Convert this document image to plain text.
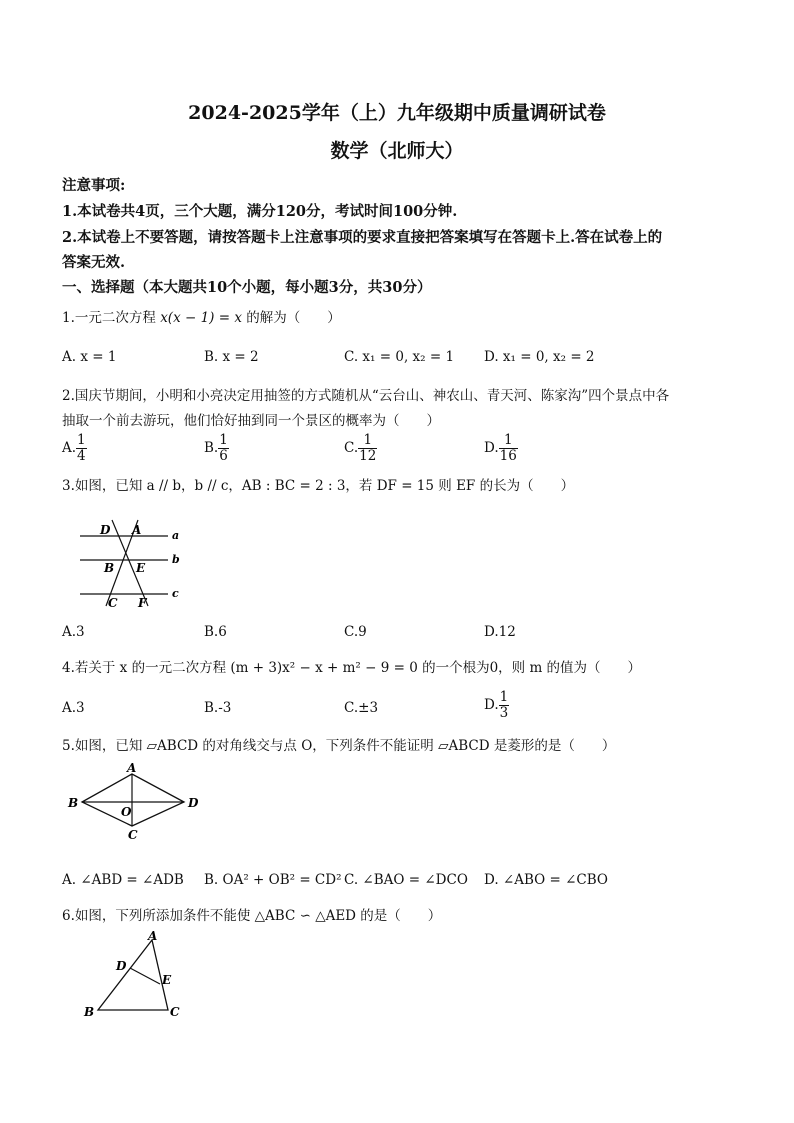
2024-2025学年（上）九年级期中质量调研试卷
数学（北师大）
注意事项:
1.本试卷共4页，三个大题，满分120分，考试时间100分钟.
2.本试卷上不要答题，请按答题卡上注意事项的要求直接把答案填写在答题卡上.答在试卷上的
答案无效.
一、选择题（本大题共10个小题，每小题3分，共30分）
1.一元二次方程 x(x − 1) = x 的解为（　　）
A. x = 1	B. x = 2	C. x₁ = 0, x₂ = 1 D. x₁ = 0, x₂ = 2
2.国庆节期间，小明和小亮决定用抽签的方式随机从“云台山、神农山、青天河、陈家沟”四个景点中各
抽取一个前去游玩，他们恰好抽到同一个景区的概率为（　　）
A. $\frac{1}{4}$	B. $\frac{1}{6}$	C. $\frac{1}{12}$	D. $\frac{1}{16}$
3.如图，已知 a // b，b // c，AB : BC = 2 : 3，若 DF = 15 则 EF 的长为（　　）
D A	a
b
B E
c
C F
A.3	B.6	C.9	D.12
4.若关于 x 的一元二次方程 (m + 3)x² − x + m² − 9 = 0 的一个根为0，则 m 的值为（　　）
A.3	B.-3	C.±3	D. $\frac{1}{3}$
5.如图，已知 ▱ABCD 的对角线交与点 O，下列条件不能证明 ▱ABCD 是菱形的是（　　）
A
B
O
D
C
A. ∠ABD = ∠ADB B. OA² + OB² = CD² C. ∠BAO = ∠DCO D. ∠ABO = ∠CBO
6.如图，下列所添加条件不能使 △ABC ∽ △AED 的是（　　）
A
D
E
B	C
